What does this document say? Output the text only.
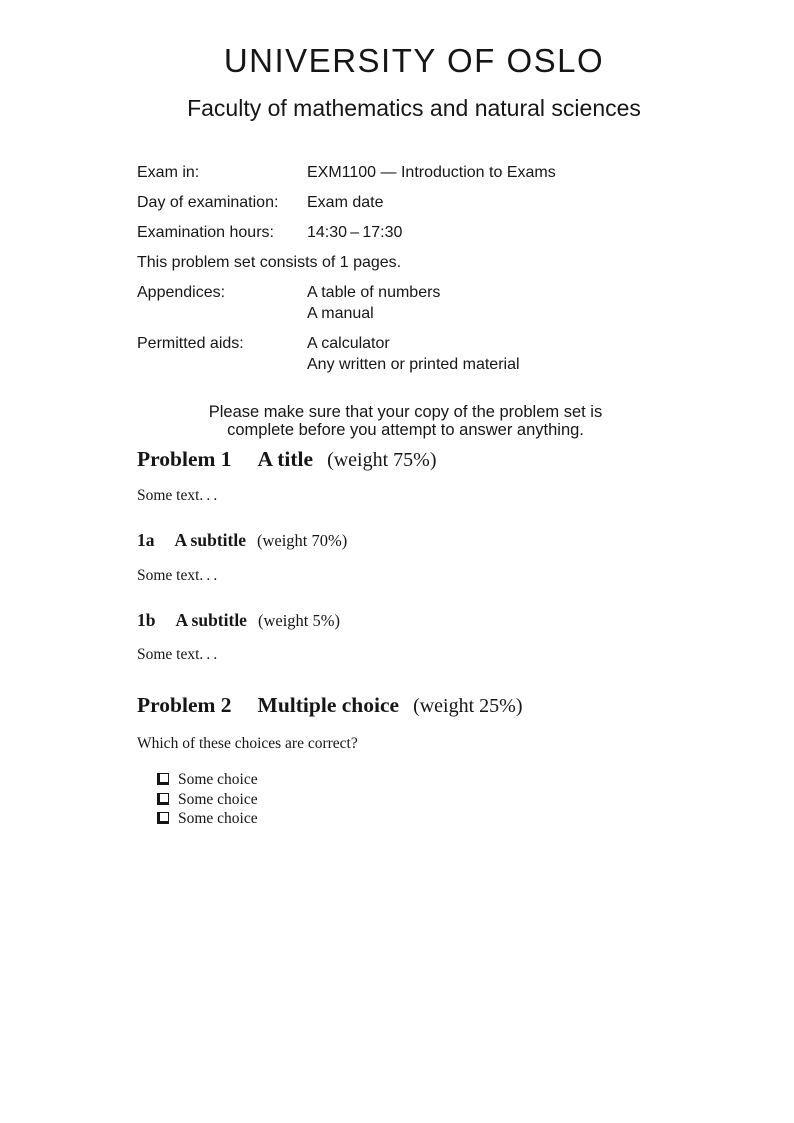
UNIVERSITY OF OSLO
Faculty of mathematics and natural sciences
Exam in:	EXM1100 — Introduction to Exams
Day of examination:	Exam date
Examination hours:	14:30 – 17:30
This problem set consists of 1 pages.
Appendices:	A table of numbers
A manual
Permitted aids:	A calculator
Any written or printed material
Please make sure that your copy of the problem set is complete before you attempt to answer anything.
Problem 1 A title (weight 75%)
Some text. . .
1a A subtitle (weight 70%)
Some text. . .
1b A subtitle (weight 5%)
Some text. . .
Problem 2 Multiple choice (weight 25%)
Which of these choices are correct?
Some choice
Some choice
Some choice
